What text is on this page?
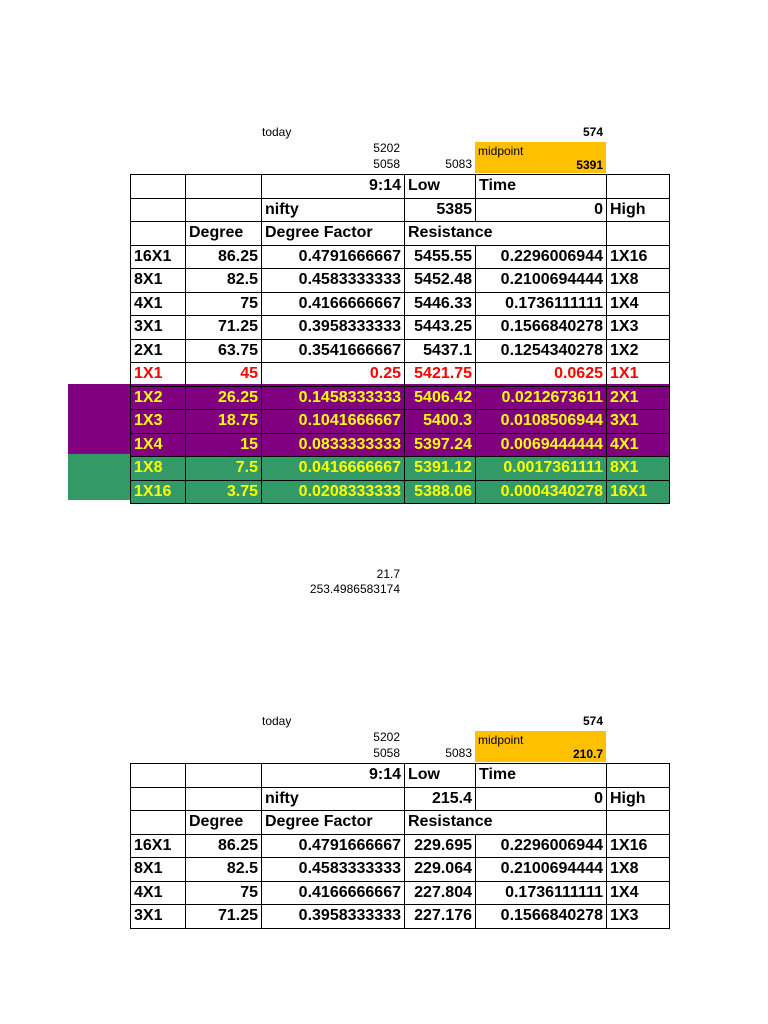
today	574
5202
5058	5083
midpoint
5391
		9:14	Low	Time	
		nifty	5385	0	High
	Degree	Degree Factor	Resistance		
16X1	86.25	0.4791666667	5455.55	0.2296006944	1X16
8X1	82.5	0.4583333333	5452.48	0.2100694444	1X8
4X1	75	0.4166666667	5446.33	0.1736111111	1X4
3X1	71.25	0.3958333333	5443.25	0.1566840278	1X3
2X1	63.75	0.3541666667	5437.1	0.1254340278	1X2
1X1	45	0.25	5421.75	0.0625	1X1
1X2	26.25	0.1458333333	5406.42	0.0212673611	2X1
1X3	18.75	0.1041666667	5400.3	0.0108506944	3X1
1X4	15	0.0833333333	5397.24	0.0069444444	4X1
1X8	7.5	0.0416666667	5391.12	0.0017361111	8X1
1X16	3.75	0.0208333333	5388.06	0.0004340278	16X1
21.7
253.4986583174
today	574
5202
5058	5083
midpoint
210.7
		9:14	Low	Time	
		nifty	215.4	0	High
	Degree	Degree Factor	Resistance		
16X1	86.25	0.4791666667	229.695	0.2296006944	1X16
8X1	82.5	0.4583333333	229.064	0.2100694444	1X8
4X1	75	0.4166666667	227.804	0.1736111111	1X4
3X1	71.25	0.3958333333	227.176	0.1566840278	1X3
